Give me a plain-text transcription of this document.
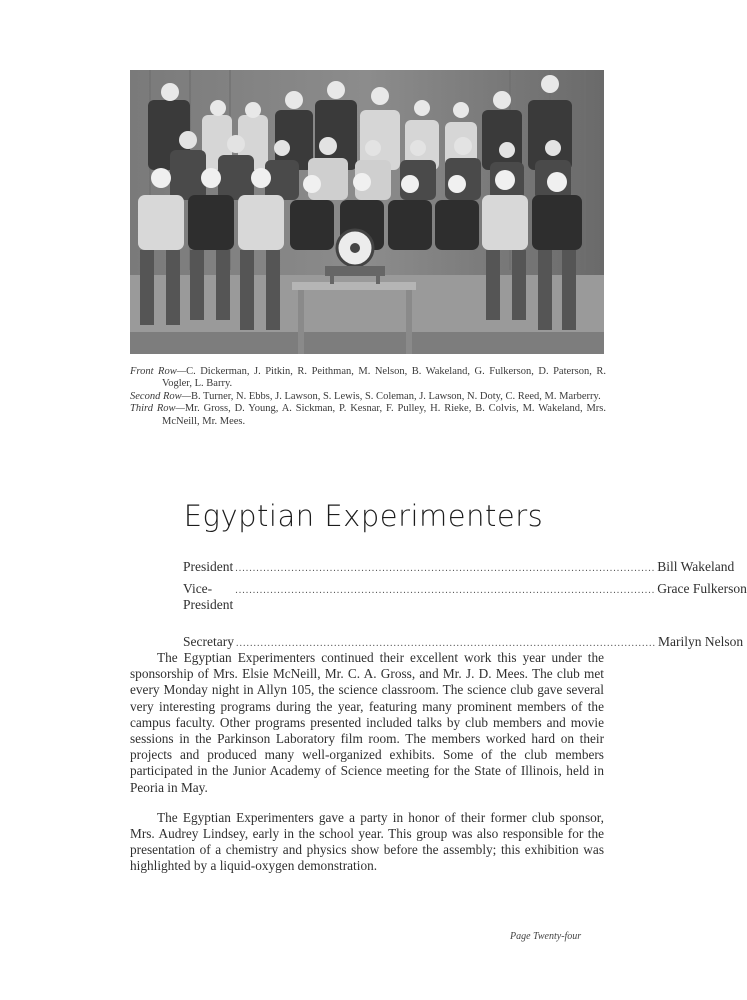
Front Row—C. Dickerman, J. Pitkin, R. Peithman, M. Nelson, B. Wakeland, G. Fulkerson, D. Paterson, R. Vogler, L. Barry.

Second Row—B. Turner, N. Ebbs, J. Lawson, S. Lewis, S. Coleman, J. Lawson, N. Doty, C. Reed, M. Marberry.

Third Row—Mr. Gross, D. Young, A. Sickman, P. Kesnar, F. Pulley, H. Rieke, B. Colvis, M. Wakeland, Mrs. McNeill, Mr. Mees.

Egyptian Experimenters
President ........................................................................................................................ Bill Wakeland
Vice-President
........................................................................................................................ Grace Fulkerson
Secretary ........................................................................................................................ Marilyn Nelson

The Egyptian Experimenters continued their excellent work this year under the sponsorship of Mrs. Elsie McNeill, Mr. C. A. Gross, and Mr. J. D. Mees. The club met every Monday night in Allyn 105, the science classroom. The science club gave several very interesting programs during the year, featuring many prominent members of the campus faculty. Other programs presented included talks by club members and movie sessions in the Parkinson Laboratory film room. The members worked hard on their projects and produced many well-organized exhibits. Some of the club members participated in the Junior Academy of Science meeting for the State of Illinois, held in Peoria in May.

The Egyptian Experimenters gave a party in honor of their former club sponsor, Mrs. Audrey Lindsey, early in the school year. This group was also responsible for the presentation of a chemistry and physics show before the assembly; this exhibition was highlighted by a liquid-oxygen demonstration.

Page Twenty-four
